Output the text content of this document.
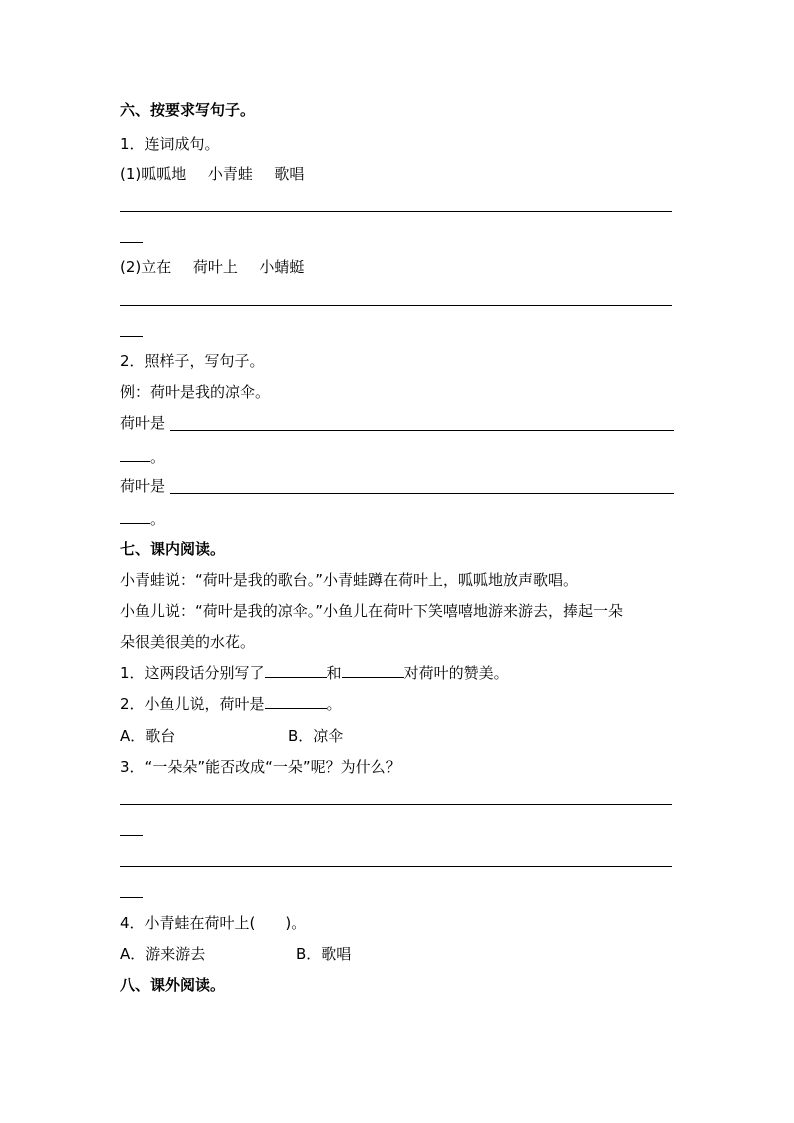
六、按要求写句子。
1．连词成句。
(1)呱呱地 小青蛙 歌唱
(2)立在 荷叶上 小蜻蜓
2．照样子，写句子。
例：荷叶是我的凉伞。
荷叶是
。
荷叶是
。
七、课内阅读。
小青蛙说：“荷叶是我的歌台。”小青蛙蹲在荷叶上，呱呱地放声歌唱。
小鱼儿说：“荷叶是我的凉伞。”小鱼儿在荷叶下笑嘻嘻地游来游去，捧起一朵
朵很美很美的水花。
1．这两段话分别写了	和	对荷叶的赞美。
2．小鱼儿说，荷叶是	。
A．歌台	B．凉伞
3．“一朵朵”能否改成“一朵”呢？为什么？
4．小青蛙在荷叶上(　　)。
A．游来游去	B．歌唱
八、课外阅读。
